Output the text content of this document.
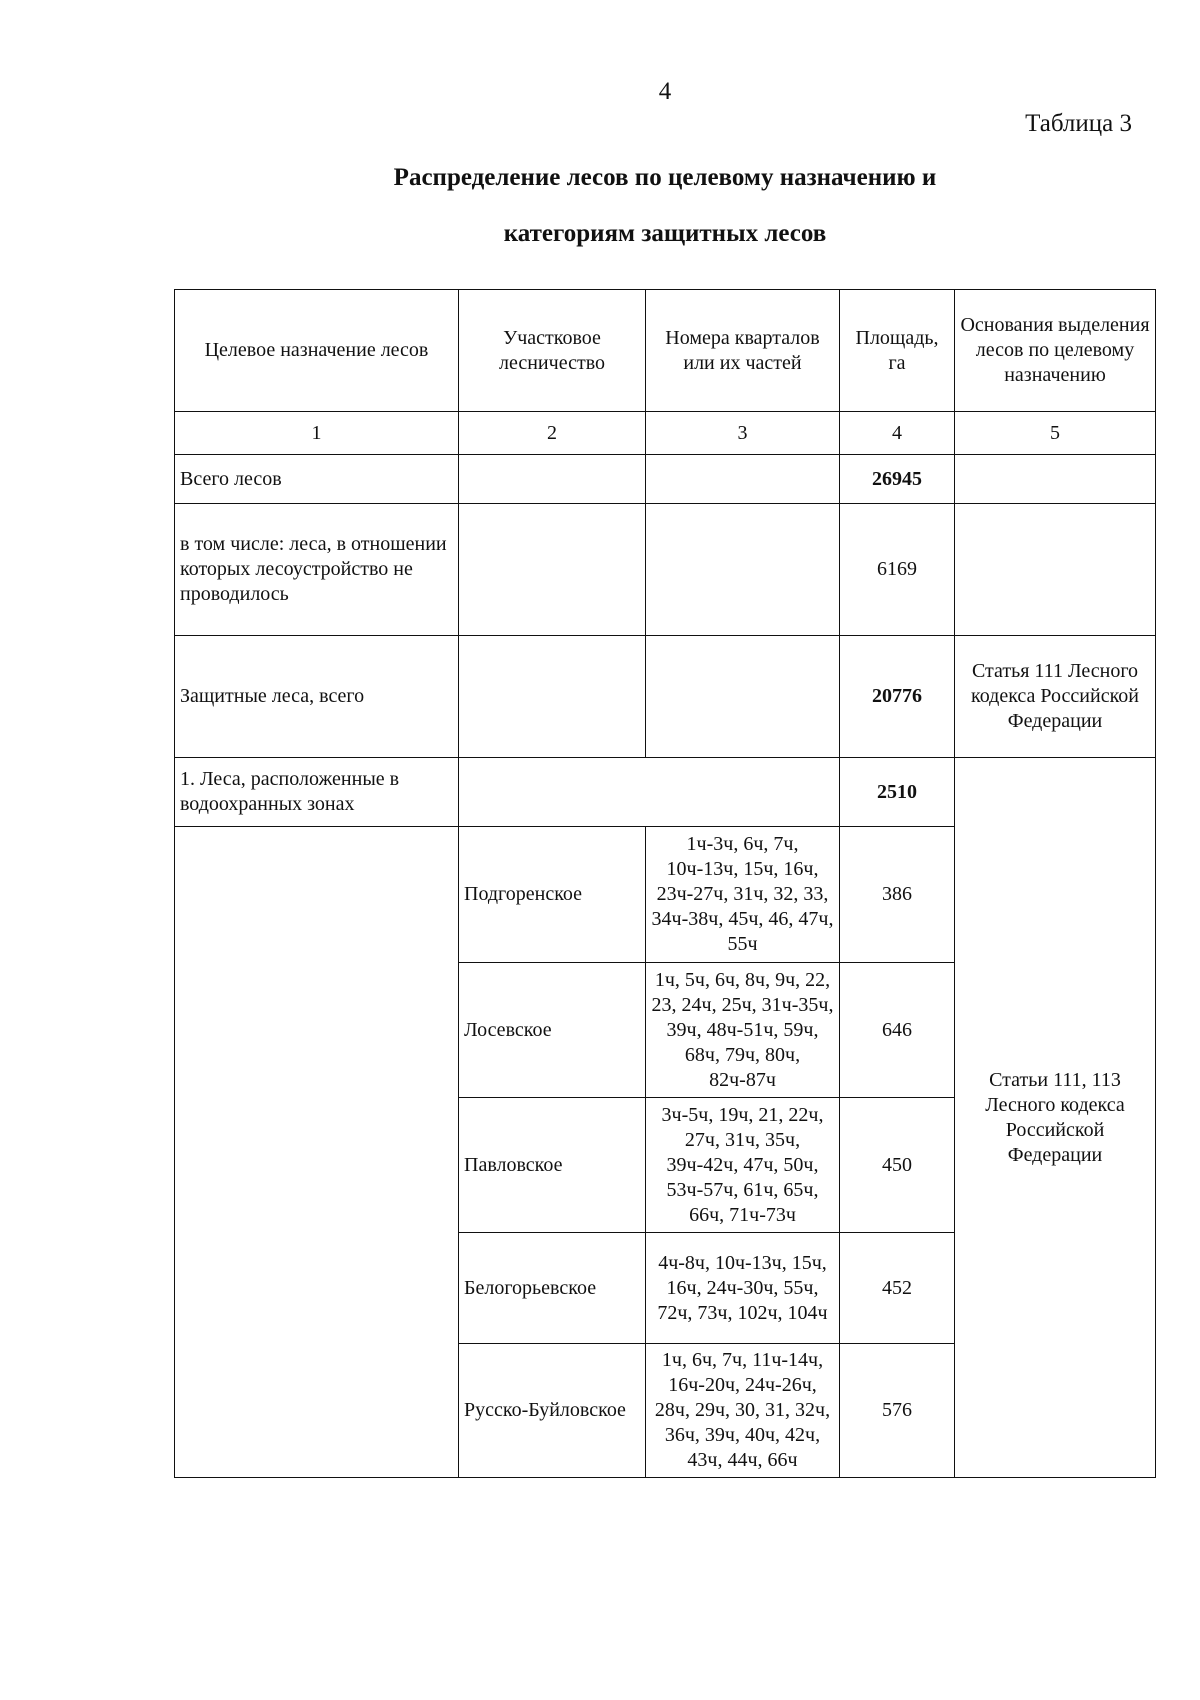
4
Таблица 3
Распределение лесов по целевому назначению и
категориям защитных лесов
Целевое назначение лесов	Участковое лесничество	Номера кварталов или их частей	Площадь, га	Основания выделения лесов по целевому назначению
1	2	3	4	5
Всего лесов			26945	
в том числе: леса, в отношении которых лесоустройство не проводилось			6169	
Защитные леса, всего			20776	Статья 111 Лесного кодекса Российской Федерации
1. Леса, расположенные в водоохранных зонах			2510	Статьи 111, 113 Лесного кодекса Российской Федерации
	Подгоренское	1ч-3ч, 6ч, 7ч, 10ч-13ч, 15ч, 16ч, 23ч-27ч, 31ч, 32, 33, 34ч-38ч, 45ч, 46, 47ч, 55ч	386	
	Лосевское	1ч, 5ч, 6ч, 8ч, 9ч, 22, 23, 24ч, 25ч, 31ч-35ч, 39ч, 48ч-51ч, 59ч, 68ч, 79ч, 80ч, 82ч-87ч	646	
	Павловское	3ч-5ч, 19ч, 21, 22ч, 27ч, 31ч, 35ч, 39ч-42ч, 47ч, 50ч, 53ч-57ч, 61ч, 65ч, 66ч, 71ч-73ч	450	
	Белогорьевское	4ч-8ч, 10ч-13ч, 15ч, 16ч, 24ч-30ч, 55ч, 72ч, 73ч, 102ч, 104ч	452	
	Русско-Буйловское	1ч, 6ч, 7ч, 11ч-14ч, 16ч-20ч, 24ч-26ч, 28ч, 29ч, 30, 31, 32ч, 36ч, 39ч, 40ч, 42ч, 43ч, 44ч, 66ч	576	
